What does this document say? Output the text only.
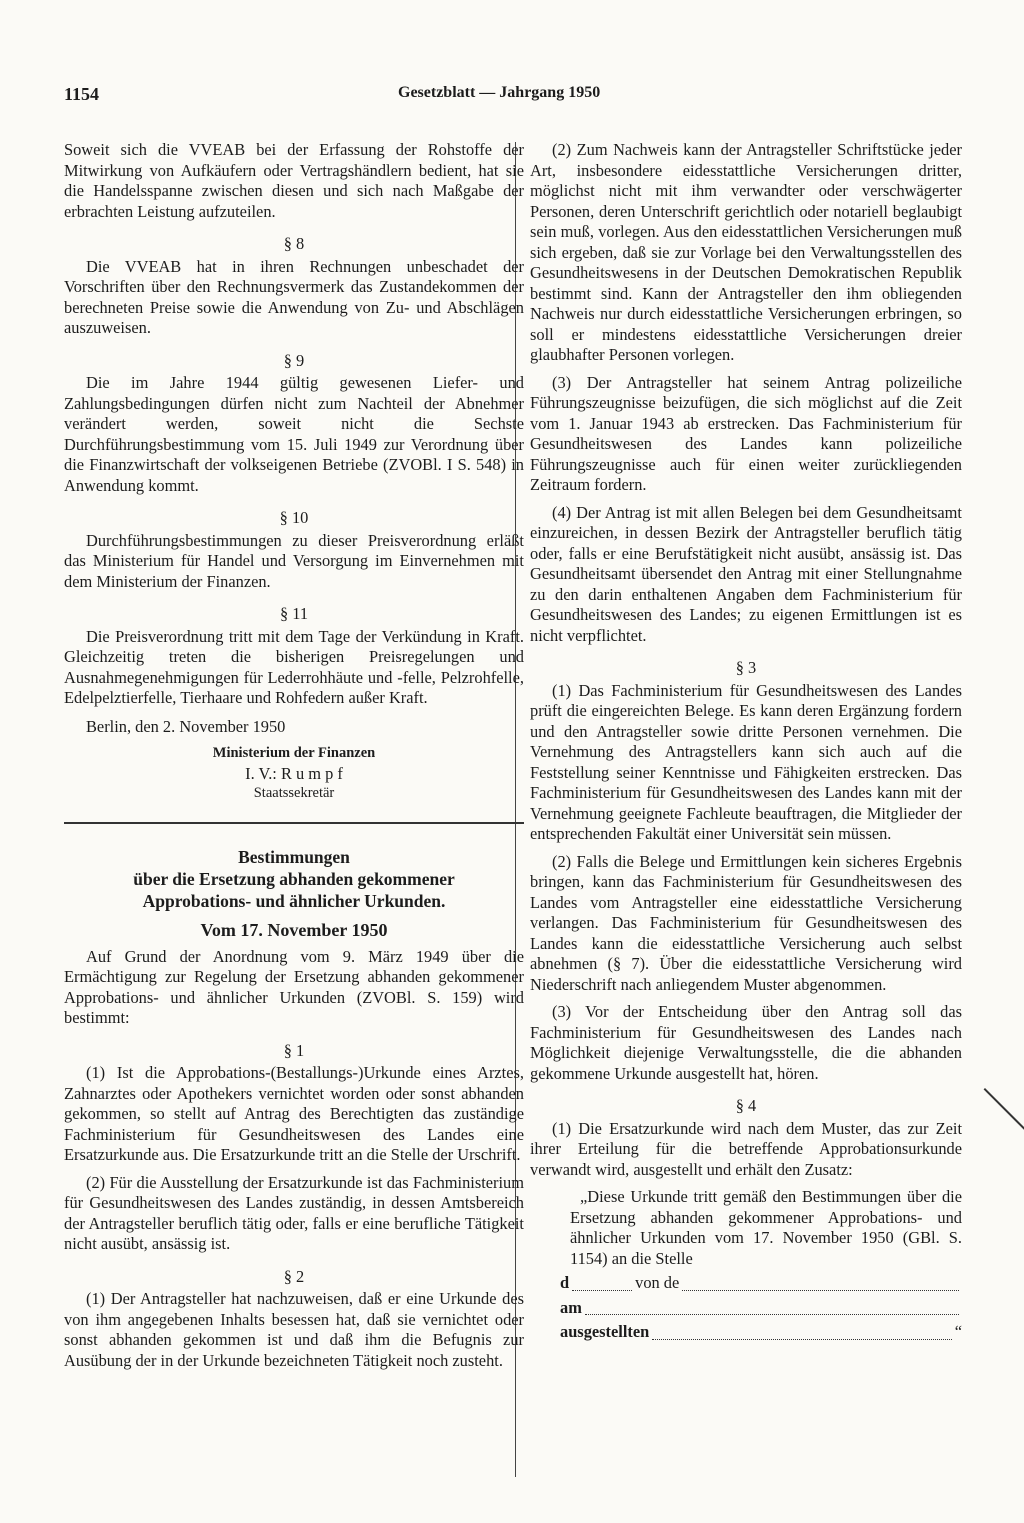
1154	Gesetzblatt — Jahrgang 1950

Soweit sich die VVEAB bei der Erfassung der Rohstoffe der Mitwirkung von Aufkäufern oder Vertragshändlern bedient, hat sie die Handelsspanne zwischen diesen und sich nach Maßgabe der erbrachten Leistung aufzuteilen.

§ 8

Die VVEAB hat in ihren Rechnungen unbeschadet der Vorschriften über den Rechnungsvermerk das Zustandekommen der berechneten Preise sowie die Anwendung von Zu- und Abschlägen auszuweisen.

§ 9

Die im Jahre 1944 gültig gewesenen Liefer- und Zahlungsbedingungen dürfen nicht zum Nachteil der Abnehmer verändert werden, soweit nicht die Sechste Durchführungsbestimmung vom 15. Juli 1949 zur Verordnung über die Finanzwirtschaft der volkseigenen Betriebe (ZVOBl. I S. 548) in Anwendung kommt.

§ 10

Durchführungsbestimmungen zu dieser Preisverordnung erläßt das Ministerium für Handel und Versorgung im Einvernehmen mit dem Ministerium der Finanzen.

§ 11

Die Preisverordnung tritt mit dem Tage der Verkündung in Kraft. Gleichzeitig treten die bisherigen Preisregelungen und Ausnahmegenehmigungen für Lederrohhäute und -felle, Pelzrohfelle, Edelpelztierfelle, Tierhaare und Rohfedern außer Kraft.

Berlin, den 2. November 1950

Ministerium der Finanzen

I. V.: R u m p f

Staatssekretär

Bestimmungen

über die Ersetzung abhanden gekommener

Approbations- und ähnlicher Urkunden.

Vom 17. November 1950

Auf Grund der Anordnung vom 9. März 1949 über die Ermächtigung zur Regelung der Ersetzung abhanden gekommener Approbations- und ähnlicher Urkunden (ZVOBl. S. 159) wird bestimmt:

§ 1

(1) Ist die Approbations-(Bestallungs-)Urkunde eines Arztes, Zahnarztes oder Apothekers vernichtet worden oder sonst abhanden gekommen, so stellt auf Antrag des Berechtigten das zuständige Fachministerium für Gesundheitswesen des Landes eine Ersatzurkunde aus. Die Ersatzurkunde tritt an die Stelle der Urschrift.

(2) Für die Ausstellung der Ersatzurkunde ist das Fachministerium für Gesundheitswesen des Landes zuständig, in dessen Amtsbereich der Antragsteller beruflich tätig oder, falls er eine berufliche Tätigkeit nicht ausübt, ansässig ist.

§ 2

(1) Der Antragsteller hat nachzuweisen, daß er eine Urkunde des von ihm angegebenen Inhalts besessen hat, daß sie vernichtet oder sonst abhanden gekommen ist und daß ihm die Befugnis zur Ausübung der in der Urkunde bezeichneten Tätigkeit noch zusteht.

(2) Zum Nachweis kann der Antragsteller Schriftstücke jeder Art, insbesondere eidesstattliche Versicherungen dritter, möglichst nicht mit ihm verwandter oder verschwägerter Personen, deren Unterschrift gerichtlich oder notariell beglaubigt sein muß, vorlegen. Aus den eidesstattlichen Versicherungen muß sich ergeben, daß sie zur Vorlage bei den Verwaltungsstellen des Gesundheitswesens in der Deutschen Demokratischen Republik bestimmt sind. Kann der Antragsteller den ihm obliegenden Nachweis nur durch eidesstattliche Versicherungen erbringen, so soll er mindestens eidesstattliche Versicherungen dreier glaubhafter Personen vorlegen.

(3) Der Antragsteller hat seinem Antrag polizeiliche Führungszeugnisse beizufügen, die sich möglichst auf die Zeit vom 1. Januar 1943 ab erstrecken. Das Fachministerium für Gesundheitswesen des Landes kann polizeiliche Führungszeugnisse auch für einen weiter zurückliegenden Zeitraum fordern.

(4) Der Antrag ist mit allen Belegen bei dem Gesundheitsamt einzureichen, in dessen Bezirk der Antragsteller beruflich tätig oder, falls er eine Berufstätigkeit nicht ausübt, ansässig ist. Das Gesundheitsamt übersendet den Antrag mit einer Stellungnahme zu den darin enthaltenen Angaben dem Fachministerium für Gesundheitswesen des Landes; zu eigenen Ermittlungen ist es nicht verpflichtet.

§ 3

(1) Das Fachministerium für Gesundheitswesen des Landes prüft die eingereichten Belege. Es kann deren Ergänzung fordern und den Antragsteller sowie dritte Personen vernehmen. Die Vernehmung des Antragstellers kann sich auch auf die Feststellung seiner Kenntnisse und Fähigkeiten erstrecken. Das Fachministerium für Gesundheitswesen des Landes kann mit der Vernehmung geeignete Fachleute beauftragen, die Mitglieder der entsprechenden Fakultät einer Universität sein müssen.

(2) Falls die Belege und Ermittlungen kein sicheres Ergebnis bringen, kann das Fachministerium für Gesundheitswesen des Landes vom Antragsteller eine eidesstattliche Versicherung verlangen. Das Fachministerium für Gesundheitswesen des Landes kann die eidesstattliche Versicherung auch selbst abnehmen (§ 7). Über die eidesstattliche Versicherung wird Niederschrift nach anliegendem Muster abgenommen.

(3) Vor der Entscheidung über den Antrag soll das Fachministerium für Gesundheitswesen des Landes nach Möglichkeit diejenige Verwaltungsstelle, die die abhanden gekommene Urkunde ausgestellt hat, hören.

§ 4

(1) Die Ersatzurkunde wird nach dem Muster, das zur Zeit ihrer Erteilung für die betreffende Approbationsurkunde verwandt wird, ausgestellt und erhält den Zusatz:

„Diese Urkunde tritt gemäß den Bestimmungen über die Ersetzung abhanden gekommener Approbations- und ähnlicher Urkunden vom 17. November 1950 (GBl. S. 1154) an die Stelle

d	von de
am
ausgestellten	“
